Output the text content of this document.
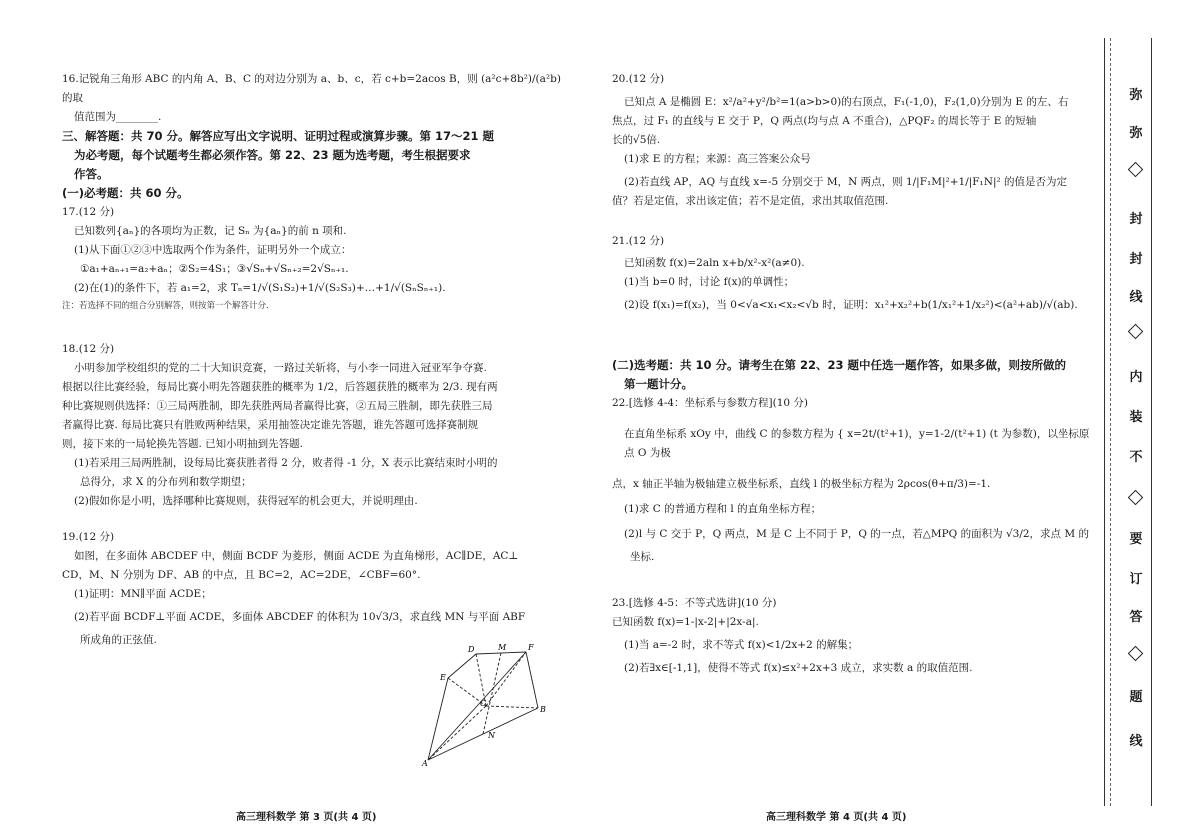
16.记锐角三角形 ABC 的内角 A、B、C 的对边分别为 a、b、c，若 c+b=2acos B，则 (a²c+8b²)/(a²b) 的取

值范围为________.

三、解答题：共 70 分。解答应写出文字说明、证明过程或演算步骤。第 17～21 题

为必考题，每个试题考生都必须作答。第 22、23 题为选考题，考生根据要求

作答。

(一)必考题：共 60 分。

17.(12 分)

已知数列{aₙ}的各项均为正数，记 Sₙ 为{aₙ}的前 n 项和.

(1)从下面①②③中选取两个作为条件，证明另外一个成立：

①a₁+aₙ₊₁=a₂+aₙ；②S₂=4S₁；③√Sₙ+√Sₙ₊₂=2√Sₙ₊₁.

(2)在(1)的条件下，若 a₁=2，求 Tₙ=1/√(S₁S₂)+1/√(S₂S₃)+…+1/√(SₙSₙ₊₁).

注：若选择不同的组合分别解答，则按第一个解答计分.

18.(12 分)

小明参加学校组织的党的二十大知识竞赛，一路过关斩将，与小李一同进入冠亚军争夺赛.

根据以往比赛经验，每局比赛小明先答题获胜的概率为 1/2，后答题获胜的概率为 2/3. 现有两

种比赛规则供选择：①三局两胜制，即先获胜两局者赢得比赛，②五局三胜制，即先获胜三局

者赢得比赛. 每局比赛只有胜败两种结果，采用抽签决定谁先答题，谁先答题可选择赛制规

则，接下来的一局轮换先答题. 已知小明抽到先答题.

(1)若采用三局两胜制，设每局比赛获胜者得 2 分，败者得 -1 分，X 表示比赛结束时小明的

总得分，求 X 的分布列和数学期望；

(2)假如你是小明，选择哪种比赛规则，获得冠军的机会更大，并说明理由.

19.(12 分)

如图，在多面体 ABCDEF 中，侧面 BCDF 为菱形，侧面 ACDE 为直角梯形，AC∥DE，AC⊥

CD，M、N 分别为 DF、AB 的中点，且 BC=2，AC=2DE，∠CBF=60°.

(1)证明：MN∥平面 ACDE；

(2)若平面 BCDF⊥平面 ACDE，多面体 ABCDEF 的体积为 10√3/3，求直线 MN 与平面 ABF

所成角的正弦值.

D	M	F
E
C
B
N
A
高三理科数学 第 3 页(共 4 页)

20.(12 分)

已知点 A 是椭圆 E：x²/a²+y²/b²=1(a>b>0)的右顶点，F₁(-1,0)，F₂(1,0)分别为 E 的左、右

焦点，过 F₁ 的直线与 E 交于 P，Q 两点(均与点 A 不重合)，△PQF₂ 的周长等于 E 的短轴

长的√5倍.

(1)求 E 的方程；来源：高三答案公众号

(2)若直线 AP，AQ 与直线 x=-5 分别交于 M，N 两点，则 1/|F₁M|²+1/|F₁N|² 的值是否为定

值？若是定值，求出该定值；若不是定值，求出其取值范围.

21.(12 分)

已知函数 f(x)=2aln x+b/x²-x²(a≠0).

(1)当 b=0 时，讨论 f(x)的单调性；

(2)设 f(x₁)=f(x₂)，当 0<√a<x₁<x₂<√b 时，证明：x₁²+x₂²+b(1/x₁²+1/x₂²)<(a²+ab)/√(ab).

(二)选考题：共 10 分。请考生在第 22、23 题中任选一题作答，如果多做，则按所做的

第一题计分。

22.[选修 4-4：坐标系与参数方程](10 分)

在直角坐标系 xOy 中，曲线 C 的参数方程为 { x=2t/(t²+1)，y=1-2/(t²+1) (t 为参数)，以坐标原点 O 为极

点，x 轴正半轴为极轴建立极坐标系，直线 l 的极坐标方程为 2ρcos(θ+π/3)=-1.

(1)求 C 的普通方程和 l 的直角坐标方程；

(2)l 与 C 交于 P，Q 两点，M 是 C 上不同于 P，Q 的一点，若△MPQ 的面积为 √3/2，求点 M 的

坐标.

23.[选修 4-5：不等式选讲](10 分)

已知函数 f(x)=1-|x-2|+|2x-a|.

(1)当 a=-2 时，求不等式 f(x)<1/2x+2 的解集；

(2)若∃x∈[-1,1]，使得不等式 f(x)≤x²+2x+3 成立，求实数 a 的取值范围.

高三理科数学 第 4 页(共 4 页)
弥
弥
封
封
线
内
装
不
要
订
答
题
线
